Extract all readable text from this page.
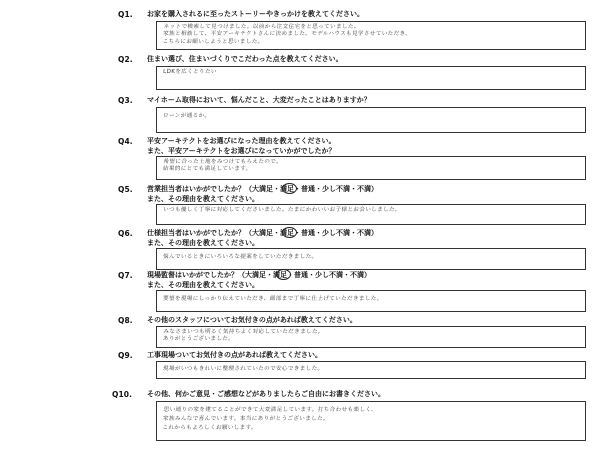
Q1.	お家を購入されるに至ったストーリーやきっかけを教えてください。
ネットで検索して見つけました。以前から注文住宅をと思っていました。
家族と相談して、平安アーキテクトさんに決めました。モデルハウスも見学させていただき、
こちらにお願いしようと思いました。
Q2.	住まい選び、住まいづくりでこだわった点を教えてください。
LDKを広くとりたい
Q3.	マイホーム取得において、悩んだこと、大変だったことはありますか？
ローンが通るか。
Q4.	平安アーキテクトをお選びになった理由を教えてください。
また、平安アーキテクトをお選びになっていかがでしたか？
希望に合った土地をみつけてもらえたので。
結果的にとても満足しています。
Q5.	営業担当者はいかがでしたか？（大満足・満足・普通・少し不満・不満）
また、その理由を教えてください。
いつも優しく丁寧に対応してくださいました。たまにかわいいお子様とお会いしました。
Q6.	仕様担当者はいかがでしたか？（大満足・満足・普通・少し不満・不満）
また、その理由を教えてください。
悩んでいるときにいろいろな提案をしていただきました。
Q7.	現場監督はいかがでしたか？（大満足・満足・普通・少し不満・不満）
また、その理由を教えてください。
要望を現場にしっかり伝えていただき、細部まで丁寧に仕上げていただきました。
Q8.	その他のスタッフについてお気付きの点があれば教えてください。
みなさまいつも明るく気持ちよく対応していただきました。
ありがとうございました。
Q9.	工事現場ついてお気付きの点があれば教えてください。
現場がいつもきれいに整理されていたので安心できました。
Q10.	その他、何かご意見・ご感想などがありましたらご自由にお書きください。
思い通りの家を建てることができて大変満足しています。打ち合わせも楽しく、
家族みんなで喜んでいます。本当にありがとうございました。
これからもよろしくお願いします。
